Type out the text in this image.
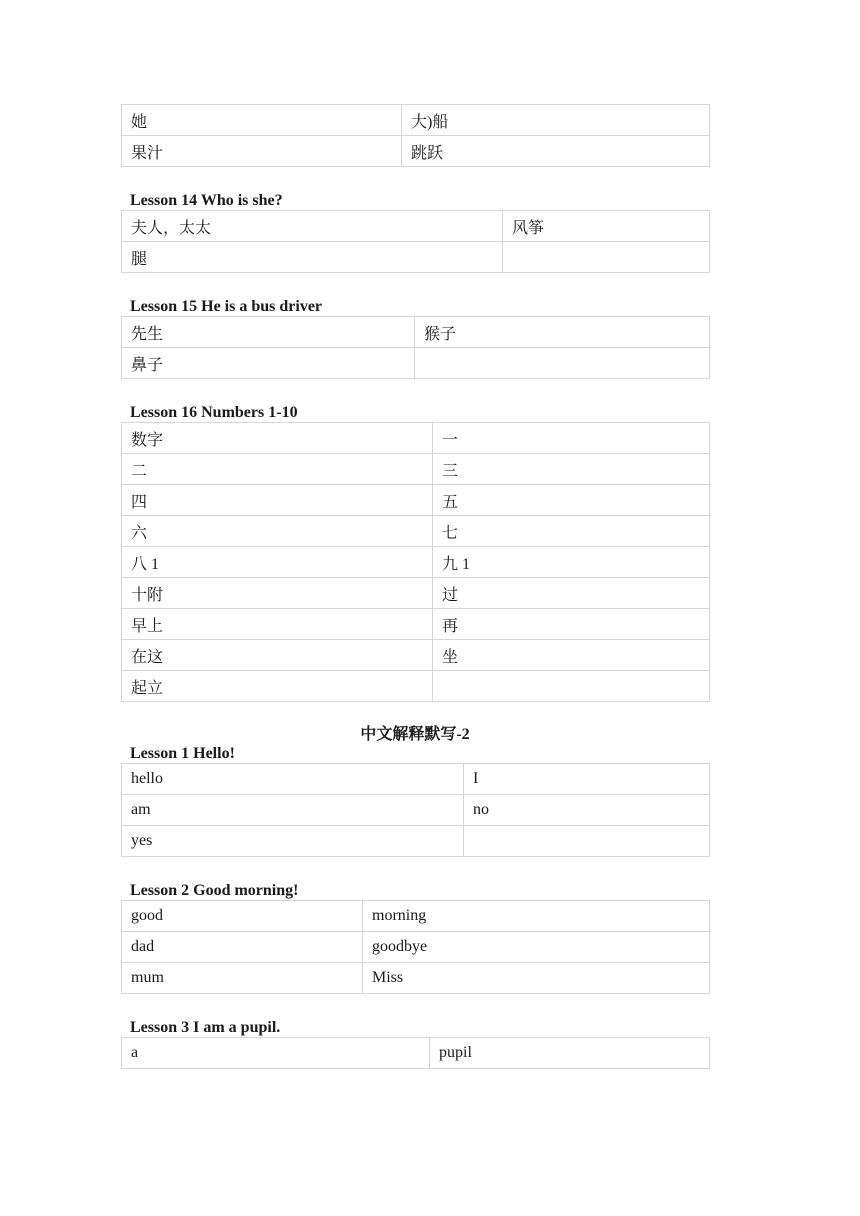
她	大)船
果汁	跳跃
Lesson 14 Who is she?
夫人，太太	风筝
腿	
Lesson 15 He is a bus driver
先生	猴子
鼻子	
Lesson 16 Numbers 1-10
数字	一
二	三
四	五
六	七
八 1	九 1
十附	过
早上	再
在这	坐
起立	
中文解释默写-2
Lesson 1 Hello!
hello	I
am	no
yes	
Lesson 2 Good morning!
good	morning
dad	goodbye
mum	Miss
Lesson 3 I am a pupil.
a	pupil
